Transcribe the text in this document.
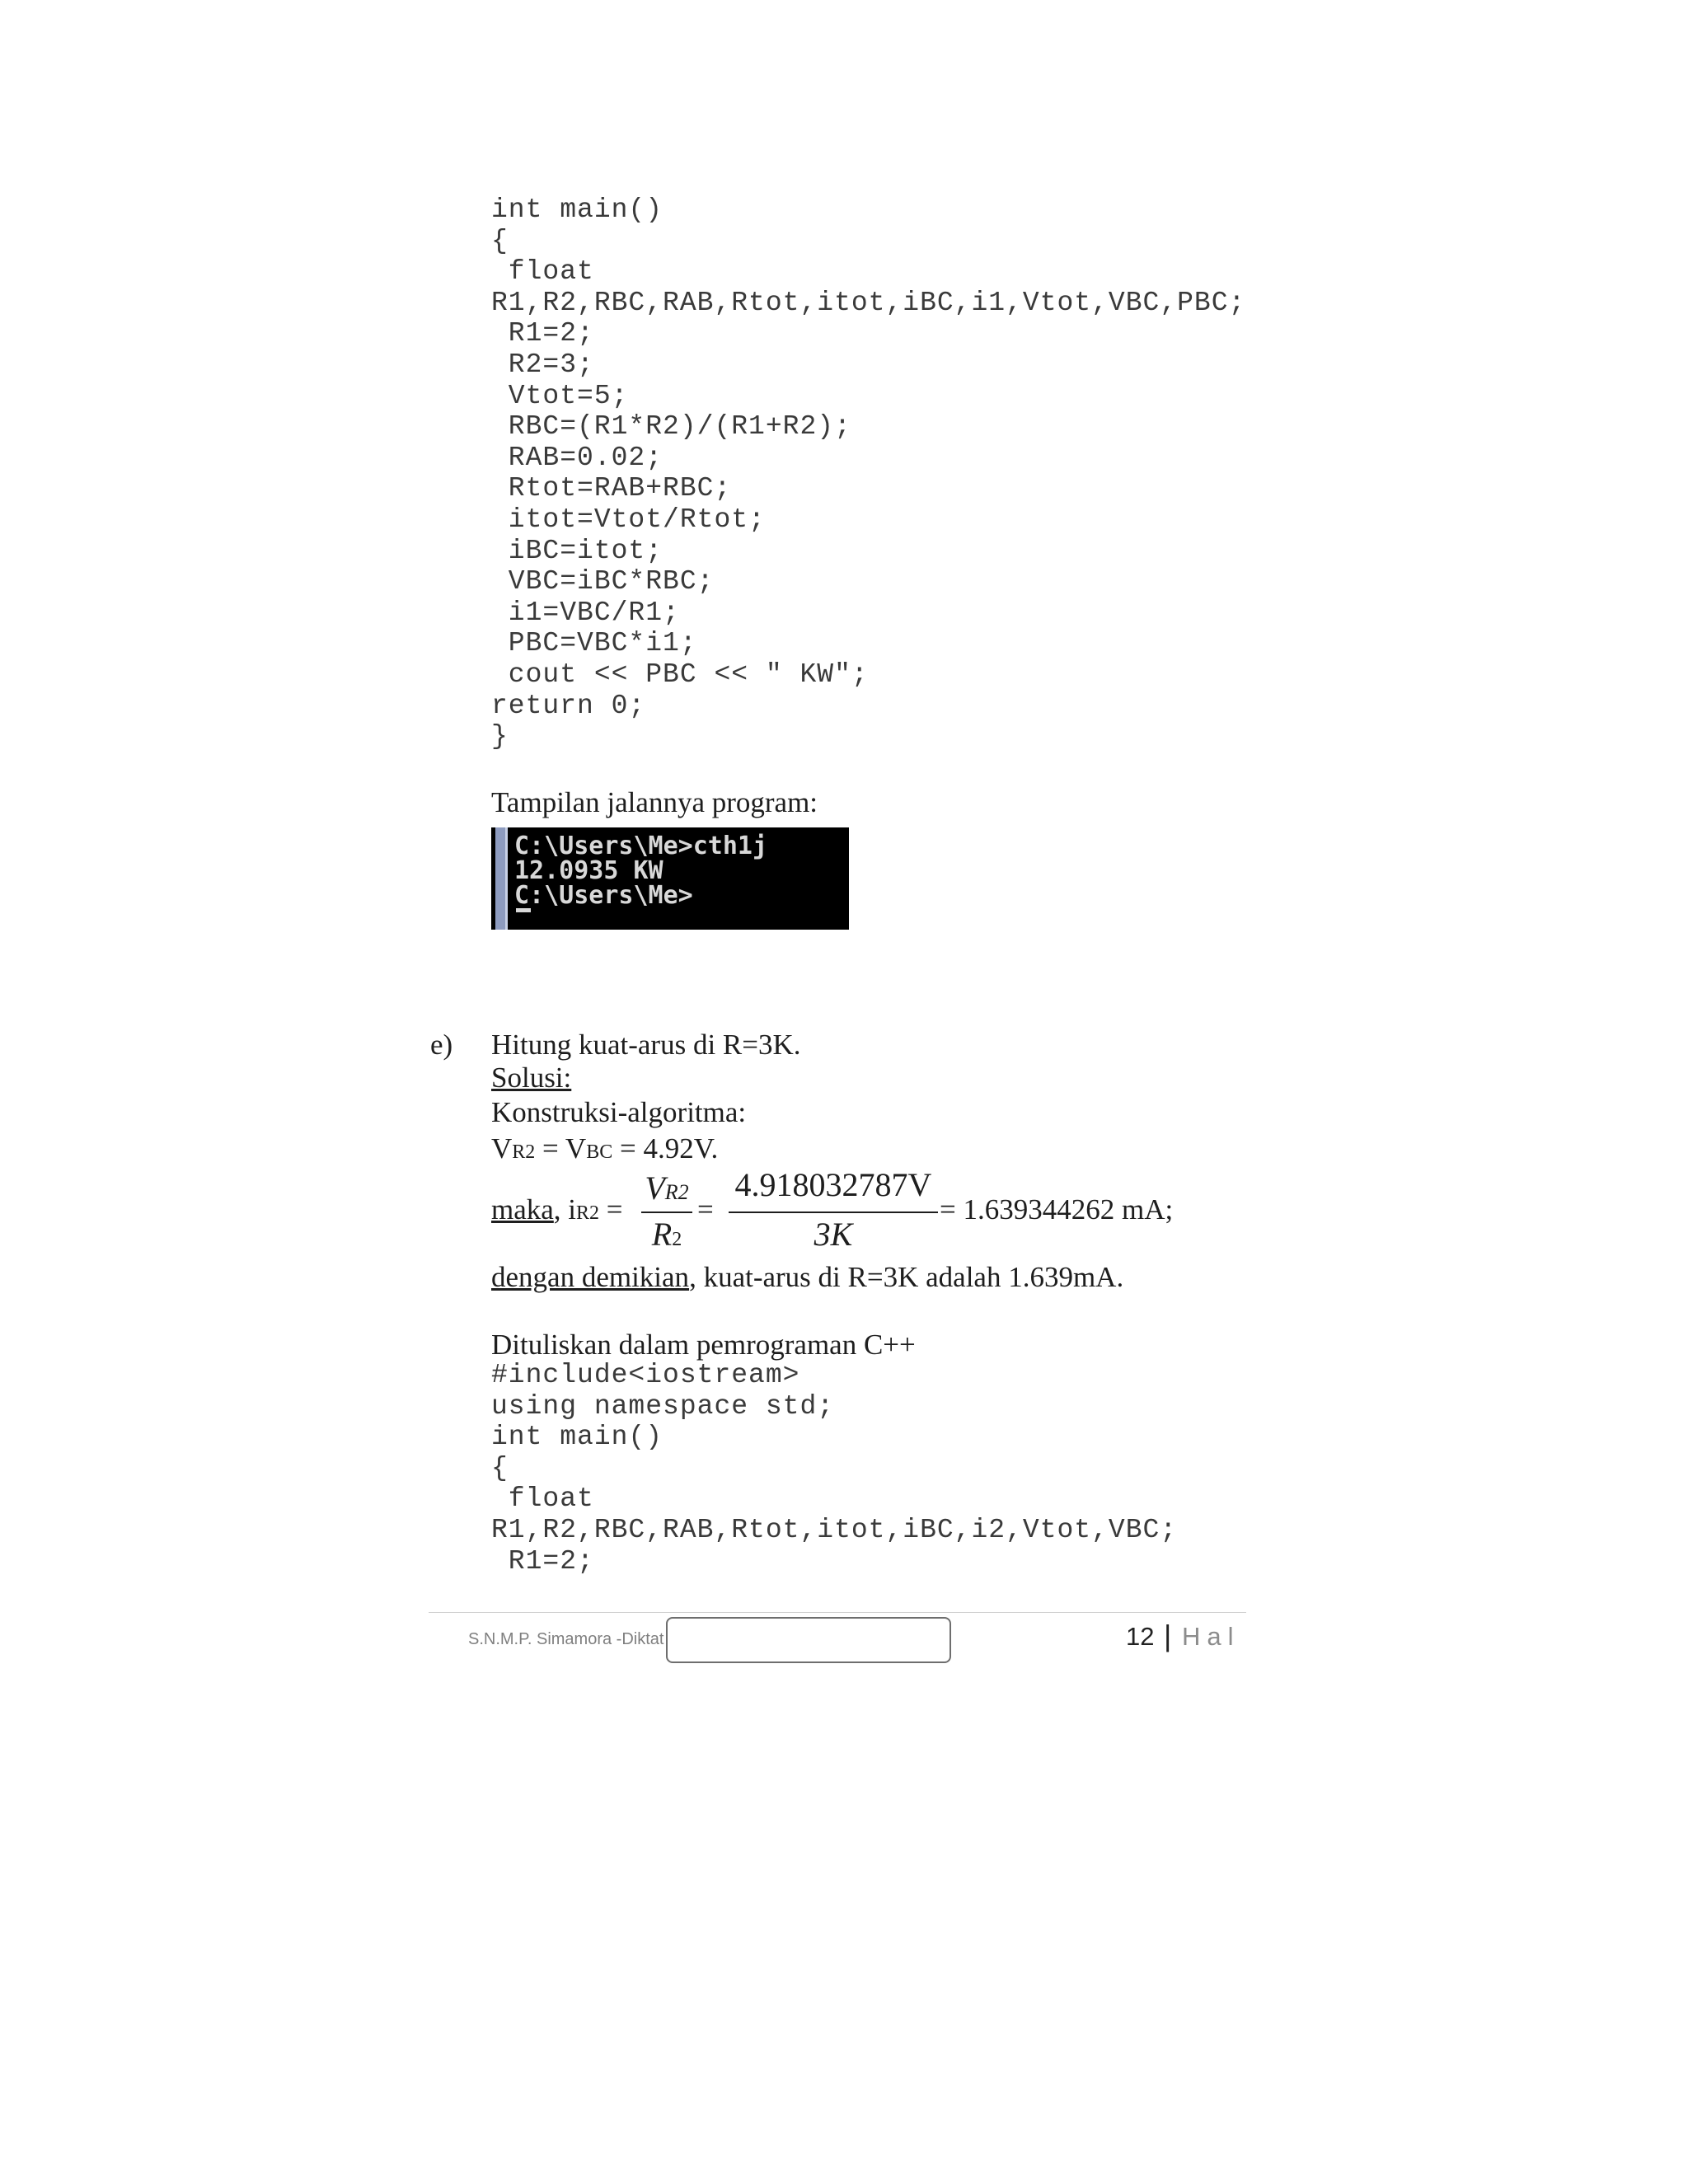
int main()
{
float
R1,R2,RBC,RAB,Rtot,itot,iBC,i1,Vtot,VBC,PBC;
R1=2;
R2=3;
Vtot=5;
RBC=(R1*R2)/(R1+R2);
RAB=0.02;
Rtot=RAB+RBC;
itot=Vtot/Rtot;
iBC=itot;
VBC=iBC*RBC;
i1=VBC/R1;
PBC=VBC*i1;
cout << PBC << " KW";
return 0;
}
Tampilan jalannya program:
C:\Users\Me>cth1j
12.0935 KW
C:\Users\Me>
e) Hitung kuat-arus di R=3K.
Solusi:
Konstruksi-algoritma:
VR2 = VBC = 4.92V.
maka, iR2 =
VR2
R2
=
4.918032787V
3K
= 1.639344262 mA;
dengan demikian, kuat-arus di R=3K adalah 1.639mA.
Dituliskan dalam pemrograman C++
#include<iostream>
using namespace std;
int main()
{
float
R1,R2,RBC,RAB,Rtot,itot,iBC,i2,Vtot,VBC;
R1=2;
S.N.M.P. Simamora -Diktat	12 | Hal
